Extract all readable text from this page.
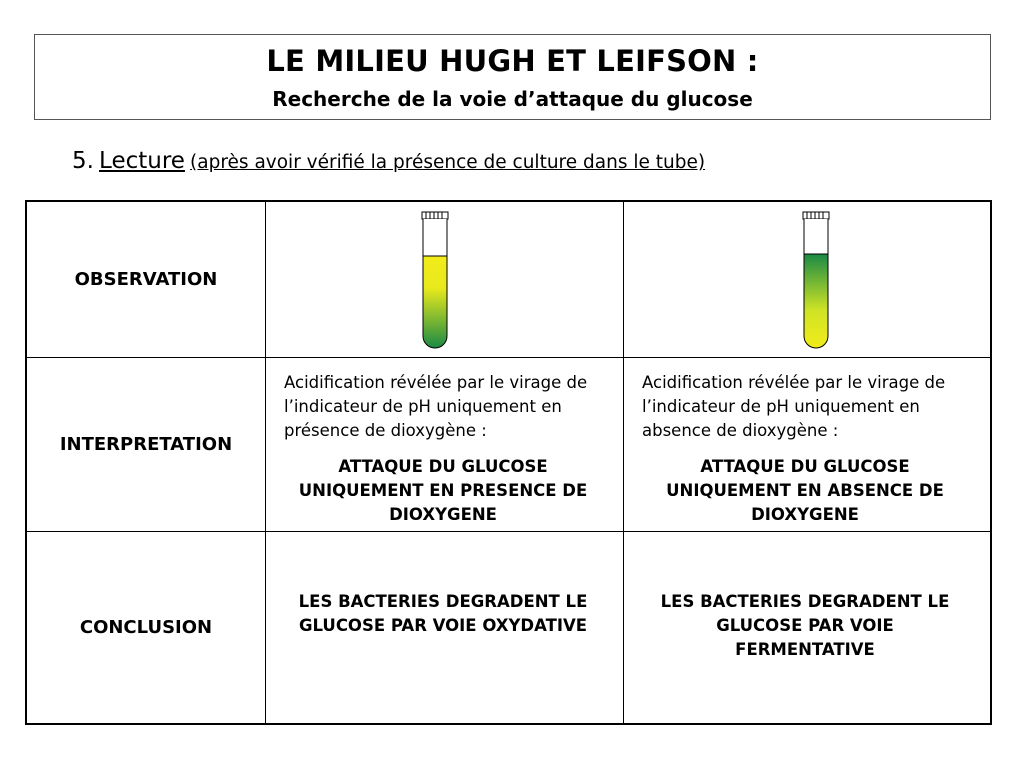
LE MILIEU HUGH ET LEIFSON :
Recherche de la voie d’attaque du glucose
5. Lecture (après avoir vérifié la présence de culture dans le tube)
OBSERVATION
INTERPRETATION
Acidification révélée par le virage de l’indicateur de pH uniquement en présence de dioxygène :
ATTAQUE DU GLUCOSE UNIQUEMENT EN PRESENCE DE DIOXYGENE
Acidification révélée par le virage de l’indicateur de pH uniquement en absence de dioxygène :
ATTAQUE DU GLUCOSE UNIQUEMENT EN ABSENCE DE DIOXYGENE
CONCLUSION
LES BACTERIES DEGRADENT LE GLUCOSE PAR VOIE OXYDATIVE
LES BACTERIES DEGRADENT LE GLUCOSE PAR VOIE FERMENTATIVE
